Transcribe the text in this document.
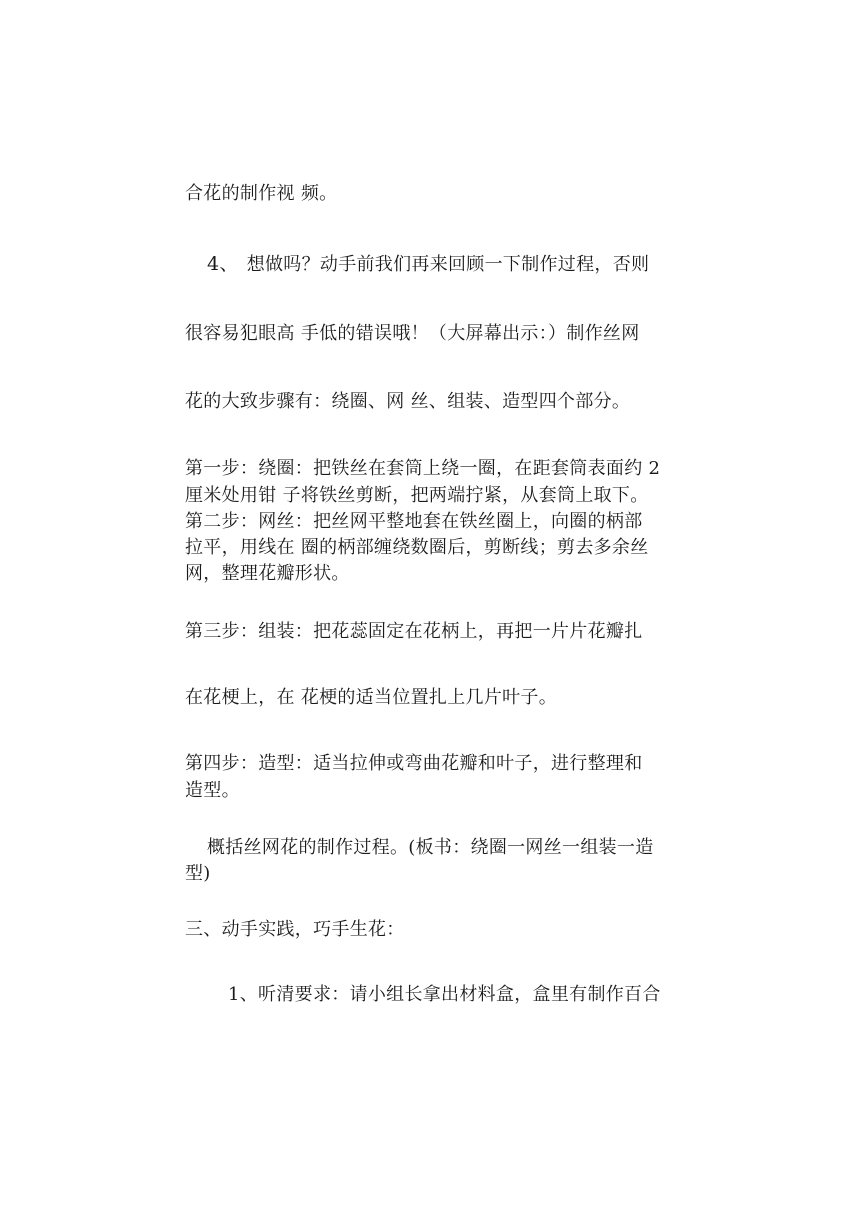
合花的制作视 频。
4、 想做吗？动手前我们再来回顾一下制作过程，否则
很容易犯眼高 手低的错误哦！（大屏幕出示：）制作丝网
花的大致步骤有：绕圈、网 丝、组装、造型四个部分。
第一步：绕圈：把铁丝在套筒上绕一圈，在距套筒表面约 2
厘米处用钳 子将铁丝剪断，把两端拧紧，从套筒上取下。
第二步：网丝：把丝网平整地套在铁丝圈上，向圈的柄部
拉平，用线在 圈的柄部缠绕数圈后，剪断线；剪去多余丝
网，整理花瓣形状。
第三步：组装：把花蕊固定在花柄上，再把一片片花瓣扎
在花梗上，在 花梗的适当位置扎上几片叶子。
第四步：造型：适当拉伸或弯曲花瓣和叶子，进行整理和
造型。
概括丝网花的制作过程。(板书：绕圈一网丝一组装一造
型)
三、动手实践，巧手生花：
1、听清要求：请小组长拿出材料盒，盒里有制作百合
